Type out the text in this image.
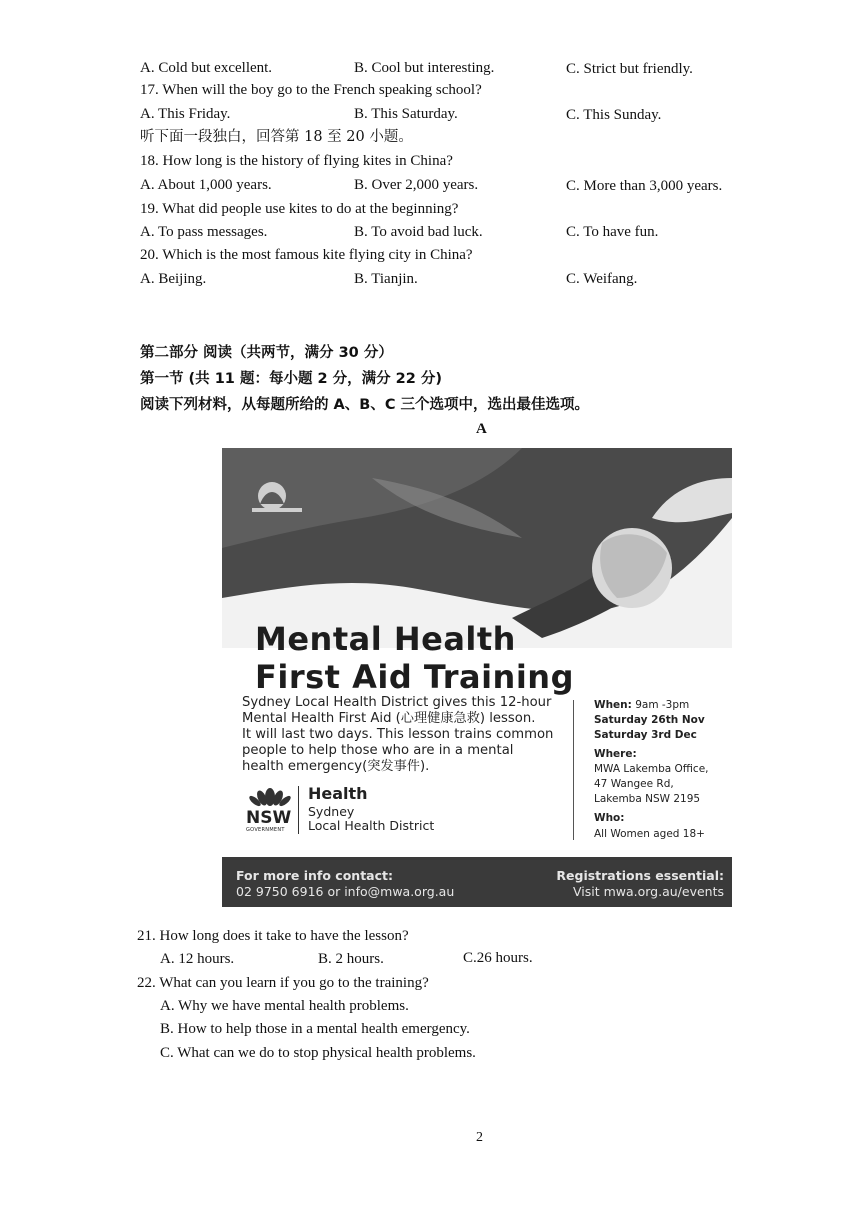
A. Cold but excellent.	B. Cool but interesting.	C. Strict but friendly.
17. When will the boy go to the French speaking school?
A. This Friday.	B. This Saturday.	C. This Sunday.
听下面一段独白，回答第 18 至 20 小题。
18. How long is the history of flying kites in China?
A. About 1,000 years.	B. Over 2,000 years.	C. More than 3,000 years.
19. What did people use kites to do at the beginning?
A. To pass messages.	B. To avoid bad luck.	C. To have fun.
20. Which is the most famous kite flying city in China?
A. Beijing.	B. Tianjin.	C. Weifang.
第二部分 阅读（共两节，满分 30 分）
第一节 (共 11 题：每小题 2 分，满分 22 分)
阅读下列材料，从每题所给的 A、B、C 三个选项中，选出最佳选项。
A
Mental Health
First Aid Training
Sydney Local Health District gives this 12-hour
Mental Health First Aid (心理健康急救) lesson.
It will last two days. This lesson trains common
people to help those who are in a mental
health emergency(突发事件).
NSW
GOVERNMENT
Health
Sydney
Local Health District
When: 9am -3pm
Saturday 26th Nov
Saturday 3rd Dec
Where:
MWA Lakemba Office,
47 Wangee Rd,
Lakemba NSW 2195
Who:
All Women aged 18+
For more info contact:
02 9750 6916 or info@mwa.org.au
Registrations essential:
Visit mwa.org.au/events
21. How long does it take to have the lesson?
A. 12 hours.	B. 2 hours.	C.26 hours.
22. What can you learn if you go to the training?
A. Why we have mental health problems.
B. How to help those in a mental health emergency.
C. What can we do to stop physical health problems.
2
